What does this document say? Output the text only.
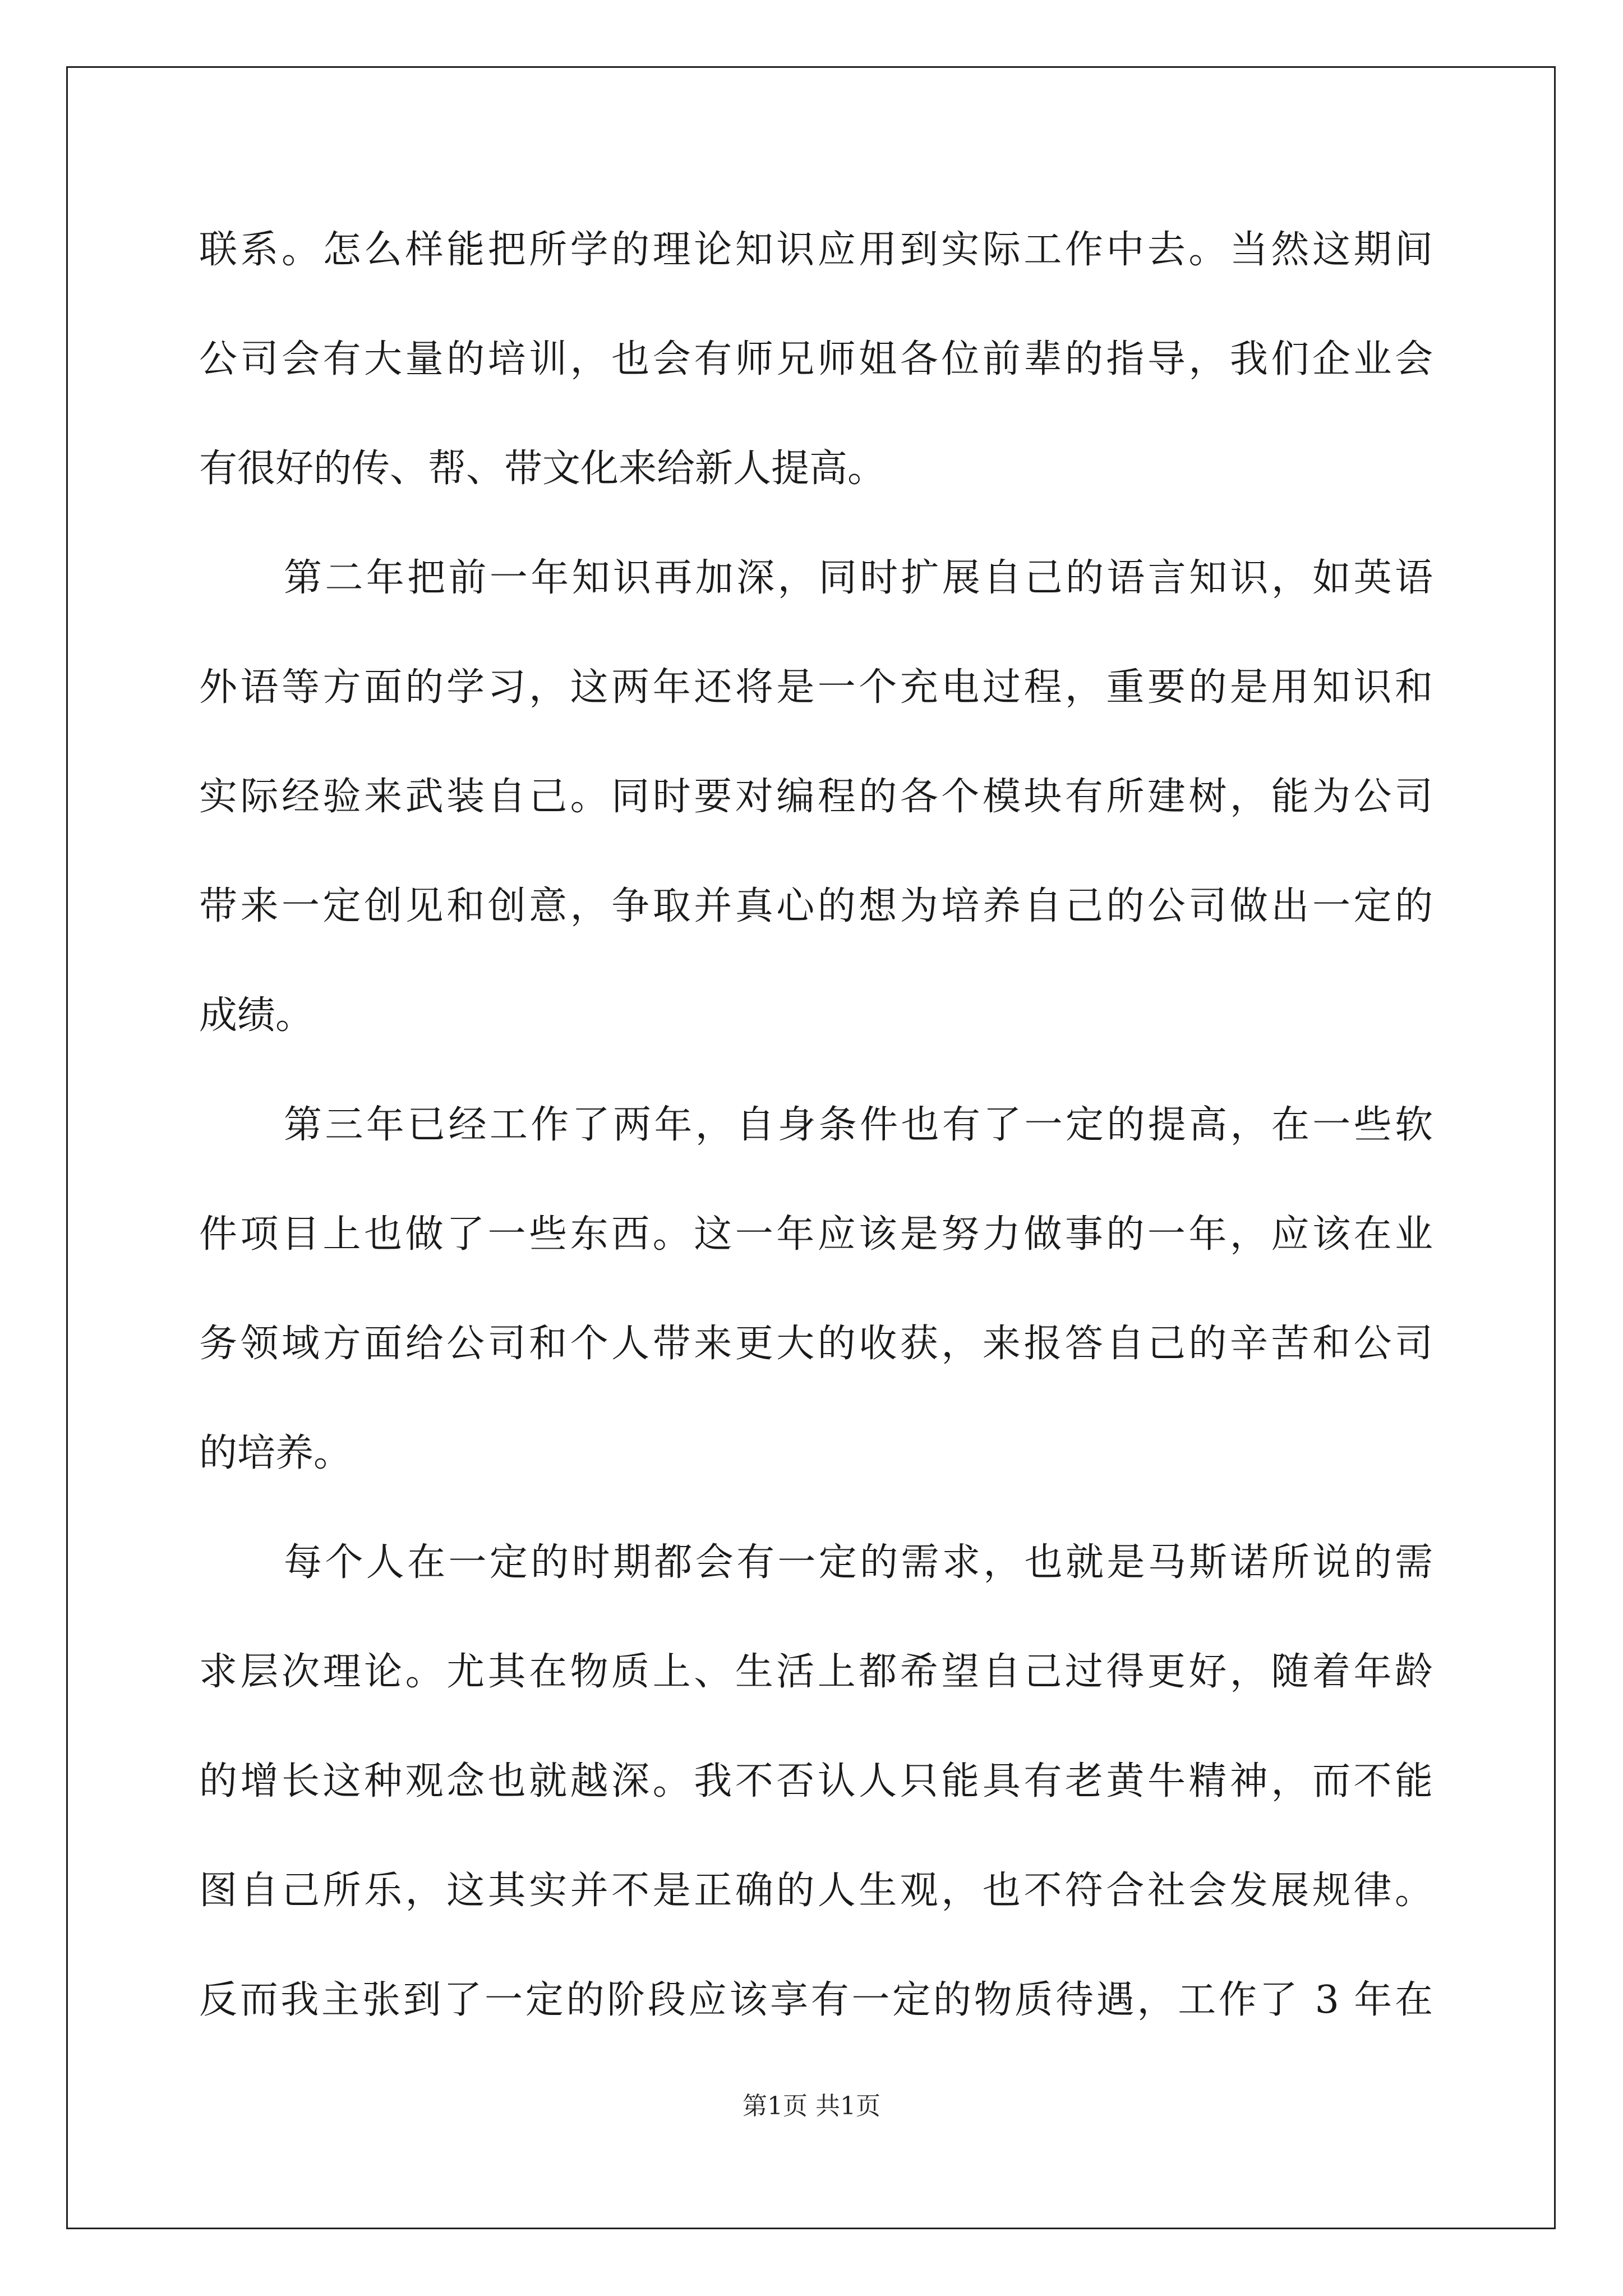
联系。怎么样能把所学的理论知识应用到实际工作中去。当然这期间
公司会有大量的培训，也会有师兄师姐各位前辈的指导，我们企业会
有很好的传、帮、带文化来给新人提高。
第二年把前一年知识再加深，同时扩展自己的语言知识，如英语
外语等方面的学习，这两年还将是一个充电过程，重要的是用知识和
实际经验来武装自己。同时要对编程的各个模块有所建树，能为公司
带来一定创见和创意，争取并真心的想为培养自己的公司做出一定的
成绩。
第三年已经工作了两年，自身条件也有了一定的提高，在一些软
件项目上也做了一些东西。这一年应该是努力做事的一年，应该在业
务领域方面给公司和个人带来更大的收获，来报答自己的辛苦和公司
的培养。
每个人在一定的时期都会有一定的需求，也就是马斯诺所说的需
求层次理论。尤其在物质上、生活上都希望自己过得更好，随着年龄
的增长这种观念也就越深。我不否认人只能具有老黄牛精神，而不能
图自己所乐，这其实并不是正确的人生观，也不符合社会发展规律。
反而我主张到了一定的阶段应该享有一定的物质待遇，工作了 3 年在
第1页 共1页
